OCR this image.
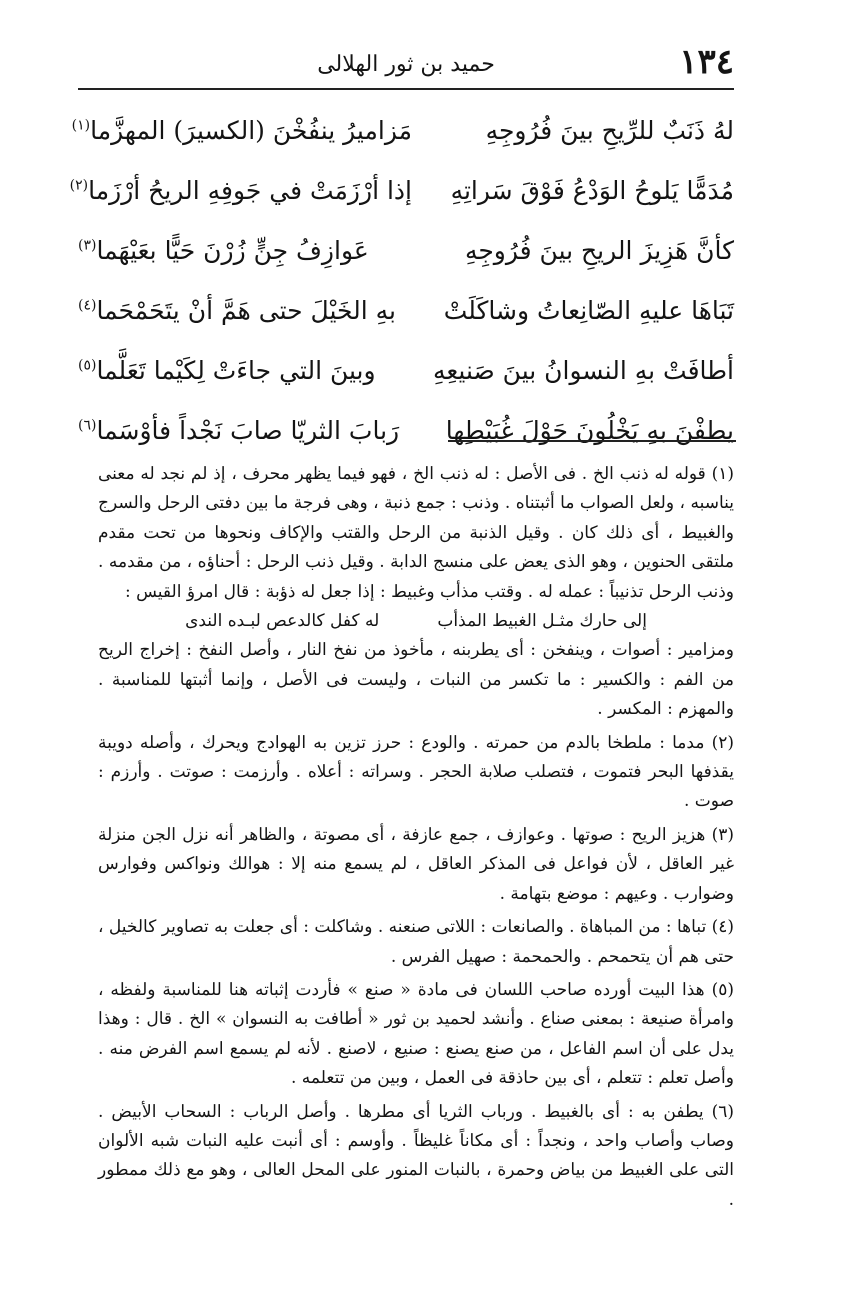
١٣٤
حميد بن ثور الهلالى
لهُ ذَنَبٌ للرِّيحِ بينَ فُرُوجِهِ
مَزاميرُ ينفُخْنَ (الكسيرَ) المهزَّما$^{(١)}$
مُدَمًّا يَلوحُ الوَدْعُ فَوْقَ سَراتِهِ
إذا أرْزَمَتْ في جَوفِهِ الريحُ أرْزَما$^{(٢)}$
كأنَّ هَزِيزَ الريحِ بينَ فُرُوجِهِ
عَوازِفُ جِنٍّ زُرْنَ حَيًّا بعَيْهَما$^{(٣)}$
تَبَاهَا عليهِ الصّانِعاتُ وشاكَلَتْ
بهِ الخَيْلَ حتى هَمَّ أنْ يتَحَمْحَما$^{(٤)}$
أطافَتْ بهِ النسوانُ بينَ صَنيعِهِ
وبينَ التي جاءَتْ لِكَيْما تَعَلَّما$^{(٥)}$
يطفْنَ بهِ يَخْلُونَ حَوْلَ غُبَيْطِها
رَبابَ الثريّا صابَ نَجْداً فأوْسَما$^{(٦)}$

(١) قوله له ذنب الخ . فى الأصل : له ذنب الخ ، فهو فيما يظهر محرف ، إذ لم نجد له معنى يناسبه ، ولعل الصواب ما أثبتناه . وذنب : جمع ذنبة ، وهى فرجة ما بين دفتى الرحل والسرج والغبيط ، أى ذلك كان . وقيل الذنبة من الرحل والقتب والإكاف ونحوها من تحت مقدم ملتقى الحنوين ، وهو الذى يعض على منسج الدابة . وقيل ذنب الرحل : أحناؤه ، من مقدمه . وذنب الرحل تذنيباً : عمله له . وقتب مذأب وغبيط : إذا جعل له ذؤبة : قال امرؤ القيس :

له كفل كالدعص لبـده الندى	إلى حارك مثـل الغبيط المذأب

ومزامير : أصوات ، وينفخن : أى يطربنه ، مأخوذ من نفخ النار ، وأصل النفخ : إخراج الريح من الفم : والكسير : ما تكسر من النبات ، وليست فى الأصل ، وإنما أثبتها للمناسبة . والمهزم : المكسر .

(٢) مدما : ملطخا بالدم من حمرته . والودع : حرز تزين به الهوادج ويحرك ، وأصله دويبة يقذفها البحر فتموت ، فتصلب صلابة الحجر . وسراته : أعلاه . وأرزمت : صوتت . وأرزم : صوت .

(٣) هزيز الريح : صوتها . وعوازف ، جمع عازفة ، أى مصوتة ، والظاهر أنه نزل الجن منزلة غير العاقل ، لأن فواعل فى المذكر العاقل ، لم يسمع منه إلا : هوالك ونواكس وفوارس وضوارب . وعيهم : موضع بتهامة .

(٤) تباها : من المباهاة . والصانعات : اللاتى صنعنه . وشاكلت : أى جعلت به تصاوير كالخيل ، حتى هم أن يتحمحم . والحمحمة : صهيل الفرس .

(٥) هذا البيت أورده صاحب اللسان فى مادة « صنع » فأردت إثباته هنا للمناسبة ولفظه ، وامرأة صنيعة : بمعنى صناع . وأنشد لحميد بن ثور « أطافت به النسوان » الخ . قال : وهذا يدل على أن اسم الفاعل ، من صنع يصنع : صنيع ، لاصنع . لأنه لم يسمع اسم الفرض منه . وأصل تعلم : تتعلم ، أى بين حاذقة فى العمل ، وبين من تتعلمه .

(٦) يطفن به : أى بالغبيط . ورباب الثريا أى مطرها . وأصل الرباب : السحاب الأبيض . وصاب وأصاب واحد ، ونجداً : أى مكاناً غليظاً . وأوسم : أى أنبت عليه النبات شبه الألوان التى على الغبيط من بياض وحمرة ، بالنبات المنور على المحل العالى ، وهو مع ذلك ممطور .
